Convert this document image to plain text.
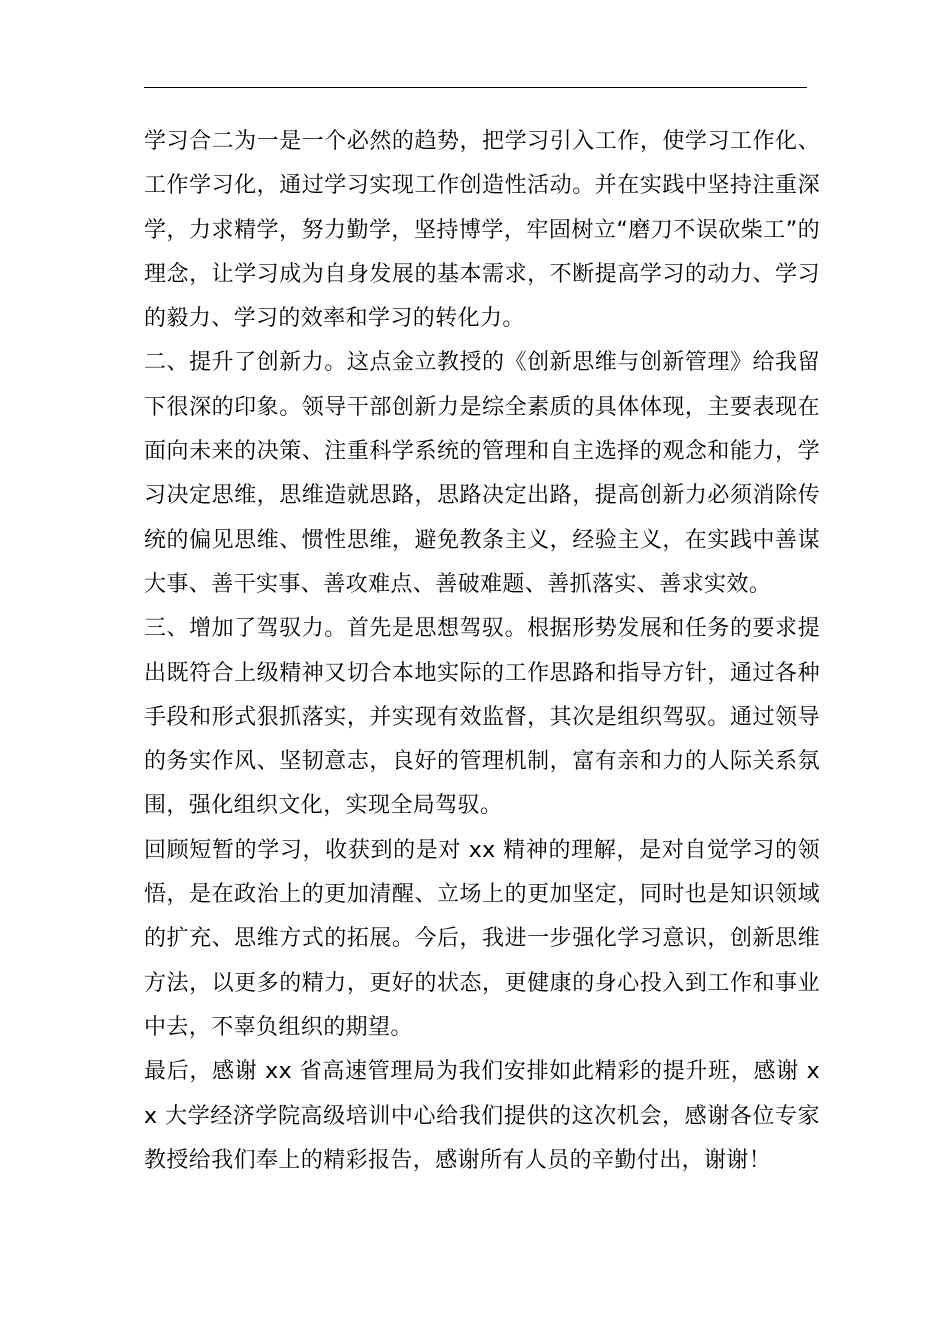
学习合二为一是一个必然的趋势，把学习引入工作，使学习工作化、工作学习化，通过学习实现工作创造性活动。并在实践中坚持注重深学，力求精学，努力勤学，坚持博学，牢固树立“磨刀不误砍柴工”的理念，让学习成为自身发展的基本需求，不断提高学习的动力、学习的毅力、学习的效率和学习的转化力。

二、提升了创新力。这点金立教授的《创新思维与创新管理》给我留下很深的印象。领导干部创新力是综全素质的具体体现，主要表现在面向未来的决策、注重科学系统的管理和自主选择的观念和能力，学习决定思维，思维造就思路，思路决定出路，提高创新力必须消除传统的偏见思维、惯性思维，避免教条主义，经验主义，在实践中善谋大事、善干实事、善攻难点、善破难题、善抓落实、善求实效。

三、增加了驾驭力。首先是思想驾驭。根据形势发展和任务的要求提出既符合上级精神又切合本地实际的工作思路和指导方针，通过各种手段和形式狠抓落实，并实现有效监督，其次是组织驾驭。通过领导的务实作风、坚韧意志，良好的管理机制，富有亲和力的人际关系氛围，强化组织文化，实现全局驾驭。

回顾短暂的学习，收获到的是对 xx 精神的理解，是对自觉学习的领悟，是在政治上的更加清醒、立场上的更加坚定，同时也是知识领域的扩充、思维方式的拓展。今后，我进一步强化学习意识，创新思维方法，以更多的精力，更好的状态，更健康的身心投入到工作和事业中去，不辜负组织的期望。

最后，感谢 xx 省高速管理局为我们安排如此精彩的提升班，感谢 xx 大学经济学院高级培训中心给我们提供的这次机会，感谢各位专家教授给我们奉上的精彩报告，感谢所有人员的辛勤付出，谢谢！
